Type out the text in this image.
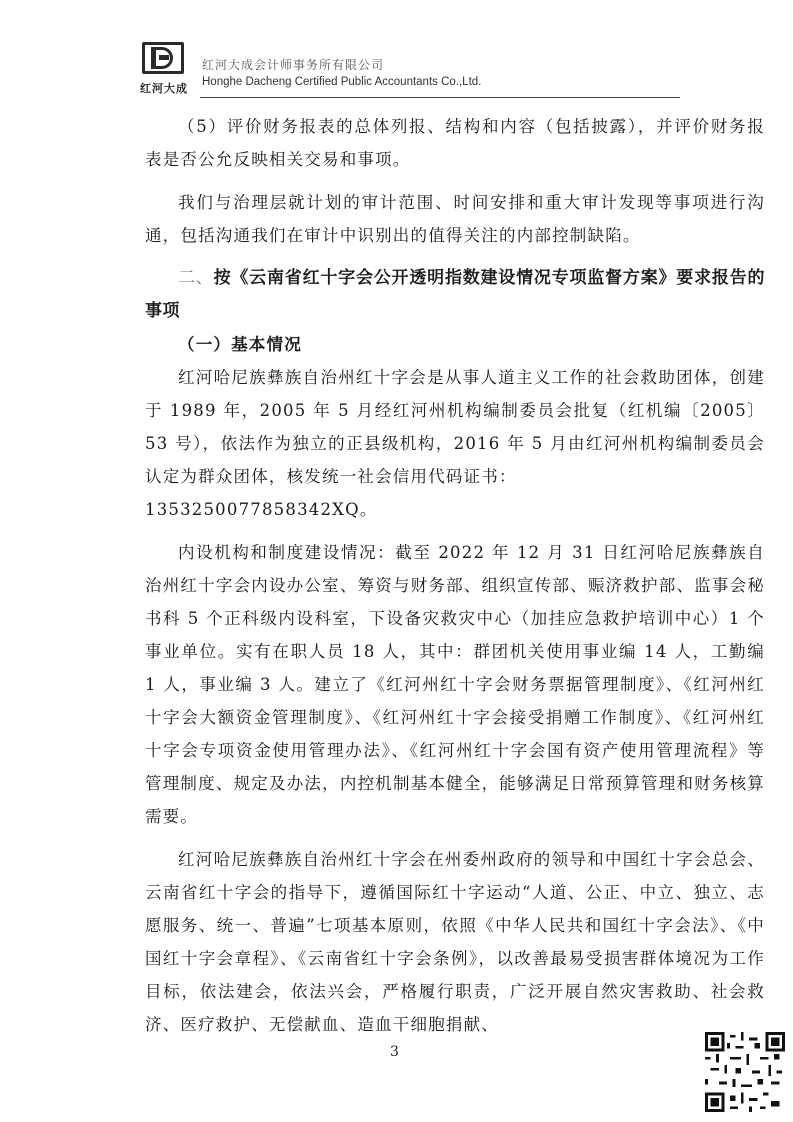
红河大成
红河大成会计师事务所有限公司
Honghe Dacheng Certified Public Accountants Co.,Ltd.

（5）评价财务报表的总体列报、结构和内容（包括披露），并评价财务报表是否公允反映相关交易和事项。

我们与治理层就计划的审计范围、时间安排和重大审计发现等事项进行沟通，包括沟通我们在审计中识别出的值得关注的内部控制缺陷。

二、按《云南省红十字会公开透明指数建设情况专项监督方案》要求报告的事项

（一）基本情况

红河哈尼族彝族自治州红十字会是从事人道主义工作的社会救助团体，创建于 1989 年，2005 年 5 月经红河州机构编制委员会批复（红机编〔2005〕53 号），依法作为独立的正县级机构，2016 年 5 月由红河州机构编制委员会认定为群众团体，核发统一社会信用代码证书：

1353250077858342XQ。

内设机构和制度建设情况：截至 2022 年 12 月 31 日红河哈尼族彝族自治州红十字会内设办公室、筹资与财务部、组织宣传部、赈济救护部、监事会秘书科 5 个正科级内设科室，下设备灾救灾中心（加挂应急救护培训中心）1 个事业单位。实有在职人员 18 人，其中：群团机关使用事业编 14 人，工勤编 1 人，事业编 3 人。建立了《红河州红十字会财务票据管理制度》、《红河州红十字会大额资金管理制度》、《红河州红十字会接受捐赠工作制度》、《红河州红十字会专项资金使用管理办法》、《红河州红十字会国有资产使用管理流程》等管理制度、规定及办法，内控机制基本健全，能够满足日常预算管理和财务核算需要。

红河哈尼族彝族自治州红十字会在州委州政府的领导和中国红十字会总会、云南省红十字会的指导下，遵循国际红十字运动“人道、公正、中立、独立、志愿服务、统一、普遍”七项基本原则，依照《中华人民共和国红十字会法》、《中国红十字会章程》、《云南省红十字会条例》，以改善最易受损害群体境况为工作目标，依法建会，依法兴会，严格履行职责，广泛开展自然灾害救助、社会救济、医疗救护、无偿献血、造血干细胞捐献、

3
